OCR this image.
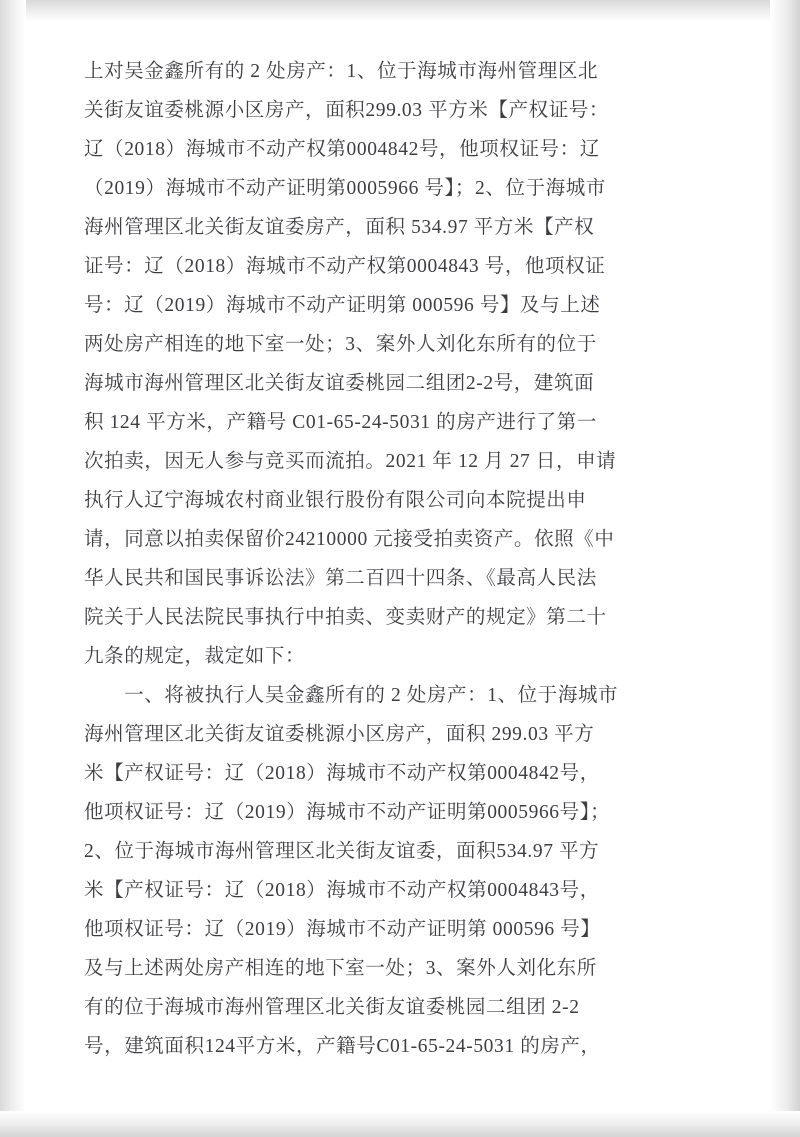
上对吴金鑫所有的 2 处房产：1、位于海城市海州管理区北
关街友谊委桃源小区房产，面积299.03 平方米【产权证号：
辽（2018）海城市不动产权第0004842号，他项权证号：辽
（2019）海城市不动产证明第0005966 号】；2、位于海城市
海州管理区北关街友谊委房产，面积 534.97 平方米【产权
证号：辽（2018）海城市不动产权第0004843 号，他项权证
号：辽（2019）海城市不动产证明第 000596 号】及与上述
两处房产相连的地下室一处；3、案外人刘化东所有的位于
海城市海州管理区北关街友谊委桃园二组团2-2号，建筑面
积 124 平方米，产籍号 C01-65-24-5031 的房产进行了第一
次拍卖，因无人参与竞买而流拍。2021 年 12 月 27 日，申请
执行人辽宁海城农村商业银行股份有限公司向本院提出申
请，同意以拍卖保留价24210000 元接受拍卖资产。依照《中
华人民共和国民事诉讼法》第二百四十四条、《最高人民法
院关于人民法院民事执行中拍卖、变卖财产的规定》第二十
九条的规定，裁定如下：
　　一、将被执行人吴金鑫所有的 2 处房产：1、位于海城市
海州管理区北关街友谊委桃源小区房产，面积 299.03 平方
米【产权证号：辽（2018）海城市不动产权第0004842号，
他项权证号：辽（2019）海城市不动产证明第0005966号】；
2、位于海城市海州管理区北关街友谊委，面积534.97 平方
米【产权证号：辽（2018）海城市不动产权第0004843号，
他项权证号：辽（2019）海城市不动产证明第 000596 号】
及与上述两处房产相连的地下室一处；3、案外人刘化东所
有的位于海城市海州管理区北关街友谊委桃园二组团 2-2
号，建筑面积124平方米，产籍号C01-65-24-5031 的房产，
